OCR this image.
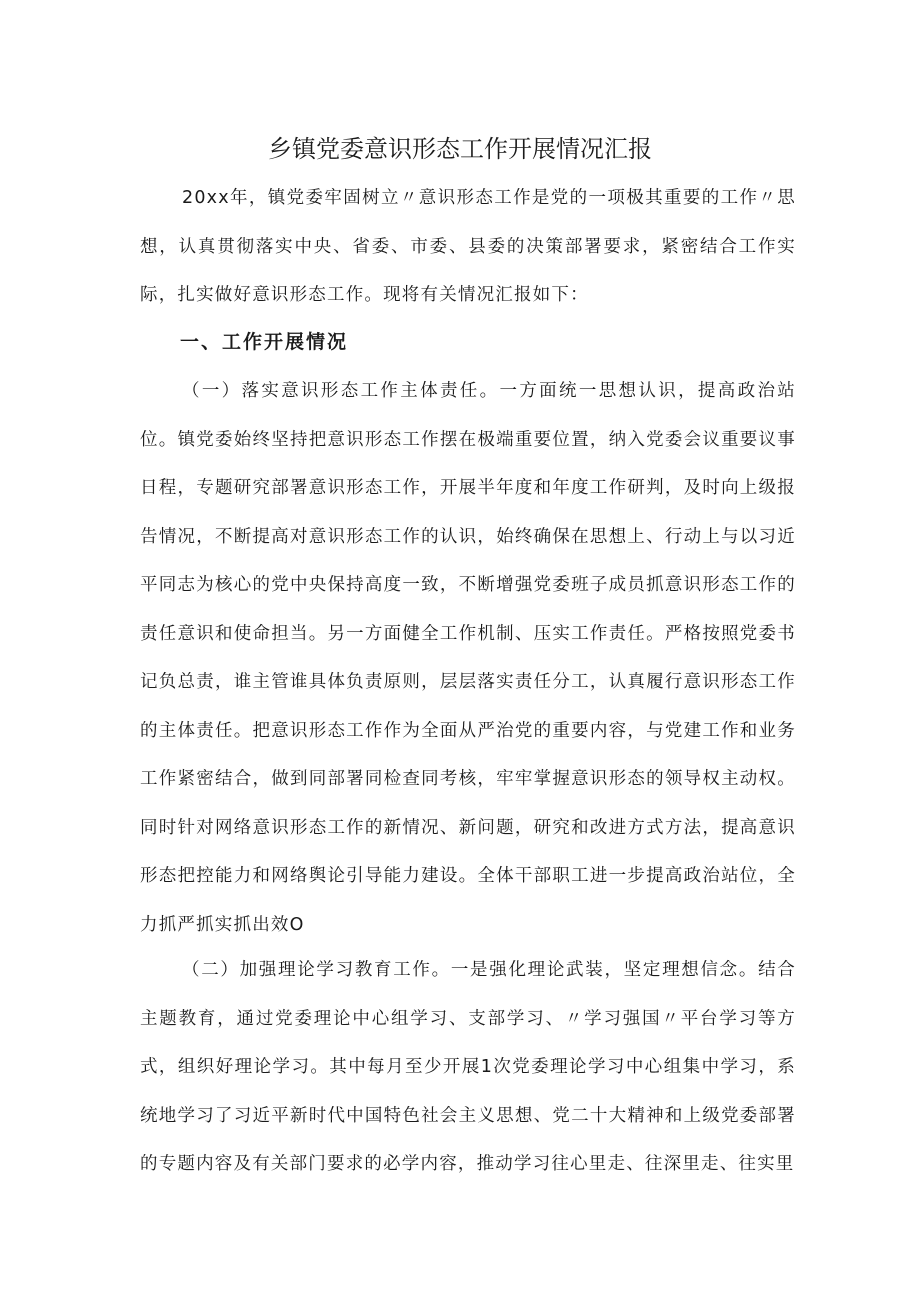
乡镇党委意识形态工作开展情况汇报

20xx年，镇党委牢固树立〃意识形态工作是党的一项极其重要的工作〃思想，认真贯彻落实中央、省委、市委、县委的决策部署要求，紧密结合工作实际，扎实做好意识形态工作。现将有关情况汇报如下：

一、工作开展情况

（一）落实意识形态工作主体责任。一方面统一思想认识，提高政治站位。镇党委始终坚持把意识形态工作摆在极端重要位置，纳入党委会议重要议事日程，专题研究部署意识形态工作，开展半年度和年度工作研判，及时向上级报告情况，不断提高对意识形态工作的认识，始终确保在思想上、行动上与以习近平同志为核心的党中央保持高度一致，不断增强党委班子成员抓意识形态工作的责任意识和使命担当。另一方面健全工作机制、压实工作责任。严格按照党委书记负总责，谁主管谁具体负责原则，层层落实责任分工，认真履行意识形态工作的主体责任。把意识形态工作作为全面从严治党的重要内容，与党建工作和业务工作紧密结合，做到同部署同检查同考核，牢牢掌握意识形态的领导权主动权。同时针对网络意识形态工作的新情况、新问题，研究和改进方式方法，提高意识形态把控能力和网络舆论引导能力建设。全体干部职工进一步提高政治站位，全力抓严抓实抓出效O

（二）加强理论学习教育工作。一是强化理论武装，坚定理想信念。结合主题教育，通过党委理论中心组学习、支部学习、〃学习强国〃平台学习等方式，组织好理论学习。其中每月至少开展1次党委理论学习中心组集中学习，系统地学习了习近平新时代中国特色社会主义思想、党二十大精神和上级党委部署的专题内容及有关部门要求的必学内容，推动学习往心里走、往深里走、往实里
